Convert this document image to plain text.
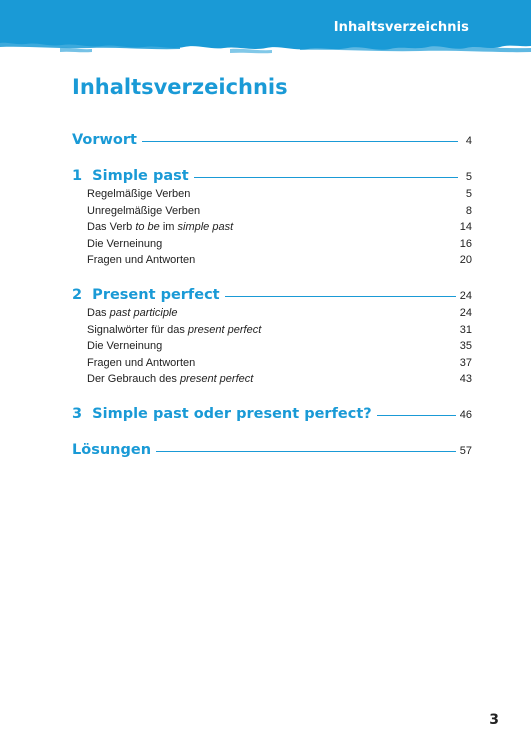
Inhaltsverzeichnis
Inhaltsverzeichnis
Vorwort	4
1  Simple past	5
Regelmäßige Verben	5
Unregelmäßige Verben	8
Das Verb to be im simple past	14
Die Verneinung	16
Fragen und Antworten	20
2  Present perfect	24
Das past participle	24
Signalwörter für das present perfect	31
Die Verneinung	35
Fragen und Antworten	37
Der Gebrauch des present perfect	43
3  Simple past oder present perfect?	46
Lösungen	57
3
